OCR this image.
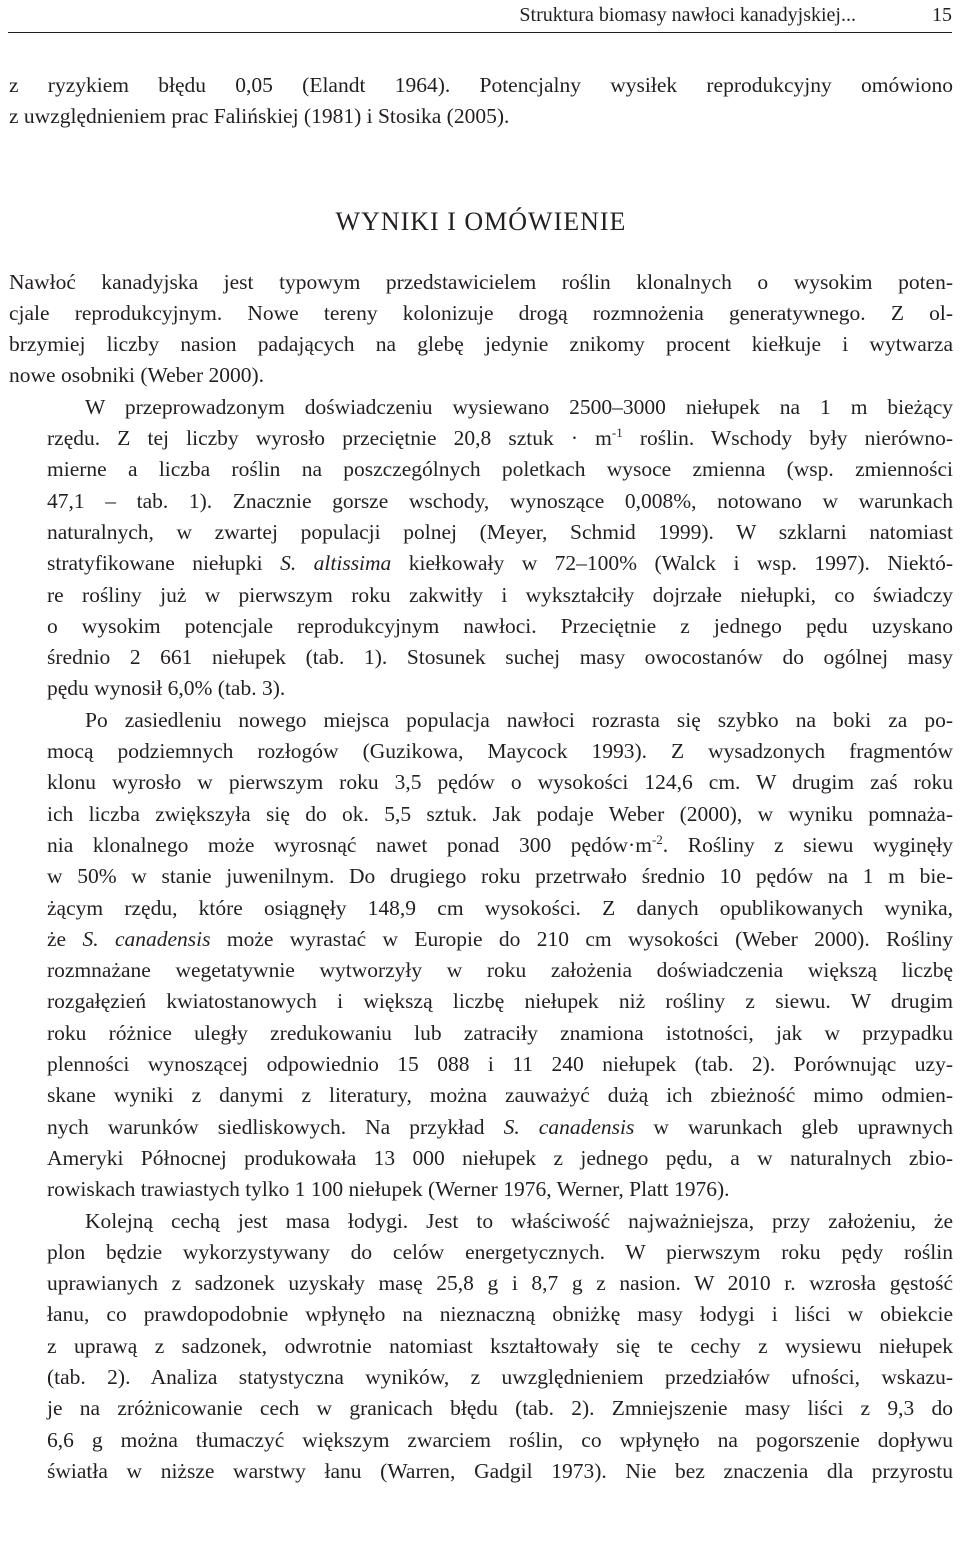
Struktura biomasy nawłoci kanadyjskiej...	15

z ryzykiem błędu 0,05 (Elandt 1964). Potencjalny wysiłek reprodukcyjny omówiono
z uwzględnieniem prac Falińskiej (1981) i Stosika (2005).

WYNIKI I OMÓWIENIE

Nawłoć kanadyjska jest typowym przedstawicielem roślin klonalnych o wysokim poten-
cjale reprodukcyjnym. Nowe tereny kolonizuje drogą rozmnożenia generatywnego. Z ol-
brzymiej liczby nasion padających na glebę jedynie znikomy procent kiełkuje i wytwarza
nowe osobniki (Weber 2000).

W przeprowadzonym doświadczeniu wysiewano 2500–3000 niełupek na 1 m bieżący
rzędu. Z tej liczby wyrosło przeciętnie 20,8 sztuk · $m^{-1}$ roślin. Wschody były nierówno-
mierne a liczba roślin na poszczególnych poletkach wysoce zmienna (wsp. zmienności
47,1 – tab. 1). Znacznie gorsze wschody, wynoszące 0,008%, notowano w warunkach
naturalnych, w zwartej populacji polnej (Meyer, Schmid 1999). W szklarni natomiast
stratyfikowane niełupki S. altissima kiełkowały w 72–100% (Walck i wsp. 1997). Niektó-
re rośliny już w pierwszym roku zakwitły i wykształciły dojrzałe niełupki, co świadczy
o wysokim potencjale reprodukcyjnym nawłoci. Przeciętnie z jednego pędu uzyskano
średnio 2 661 niełupek (tab. 1). Stosunek suchej masy owocostanów do ogólnej masy
pędu wynosił 6,0% (tab. 3).

Po zasiedleniu nowego miejsca populacja nawłoci rozrasta się szybko na boki za po-
mocą podziemnych rozłogów (Guzikowa, Maycock 1993). Z wysadzonych fragmentów
klonu wyrosło w pierwszym roku 3,5 pędów o wysokości 124,6 cm. W drugim zaś roku
ich liczba zwiększyła się do ok. 5,5 sztuk. Jak podaje Weber (2000), w wyniku pomnaża-
nia klonalnego może wyrosnąć nawet ponad 300 $pędów\cdot m^{-2}$. Rośliny z siewu wyginęły
w 50% w stanie juwenilnym. Do drugiego roku przetrwało średnio 10 pędów na 1 m bie-
żącym rzędu, które osiągnęły 148,9 cm wysokości. Z danych opublikowanych wynika,
że S. canadensis może wyrastać w Europie do 210 cm wysokości (Weber 2000). Rośliny
rozmnażane wegetatywnie wytworzyły w roku założenia doświadczenia większą liczbę
rozgałęzień kwiatostanowych i większą liczbę niełupek niż rośliny z siewu. W drugim
roku różnice uległy zredukowaniu lub zatraciły znamiona istotności, jak w przypadku
plenności wynoszącej odpowiednio 15 088 i 11 240 niełupek (tab. 2). Porównując uzy-
skane wyniki z danymi z literatury, można zauważyć dużą ich zbieżność mimo odmien-
nych warunków siedliskowych. Na przykład S. canadensis w warunkach gleb uprawnych
Ameryki Północnej produkowała 13 000 niełupek z jednego pędu, a w naturalnych zbio-
rowiskach trawiastych tylko 1 100 niełupek (Werner 1976, Werner, Platt 1976).

Kolejną cechą jest masa łodygi. Jest to właściwość najważniejsza, przy założeniu, że
plon będzie wykorzystywany do celów energetycznych. W pierwszym roku pędy roślin
uprawianych z sadzonek uzyskały masę 25,8 g i 8,7 g z nasion. W 2010 r. wzrosła gęstość
łanu, co prawdopodobnie wpłynęło na nieznaczną obniżkę masy łodygi i liści w obiekcie
z uprawą z sadzonek, odwrotnie natomiast kształtowały się te cechy z wysiewu niełupek
(tab. 2). Analiza statystyczna wyników, z uwzględnieniem przedziałów ufności, wskazu-
je na zróżnicowanie cech w granicach błędu (tab. 2). Zmniejszenie masy liści z 9,3 do
6,6 g można tłumaczyć większym zwarciem roślin, co wpłynęło na pogorszenie dopływu
światła w niższe warstwy łanu (Warren, Gadgil 1973). Nie bez znaczenia dla przyrostu
